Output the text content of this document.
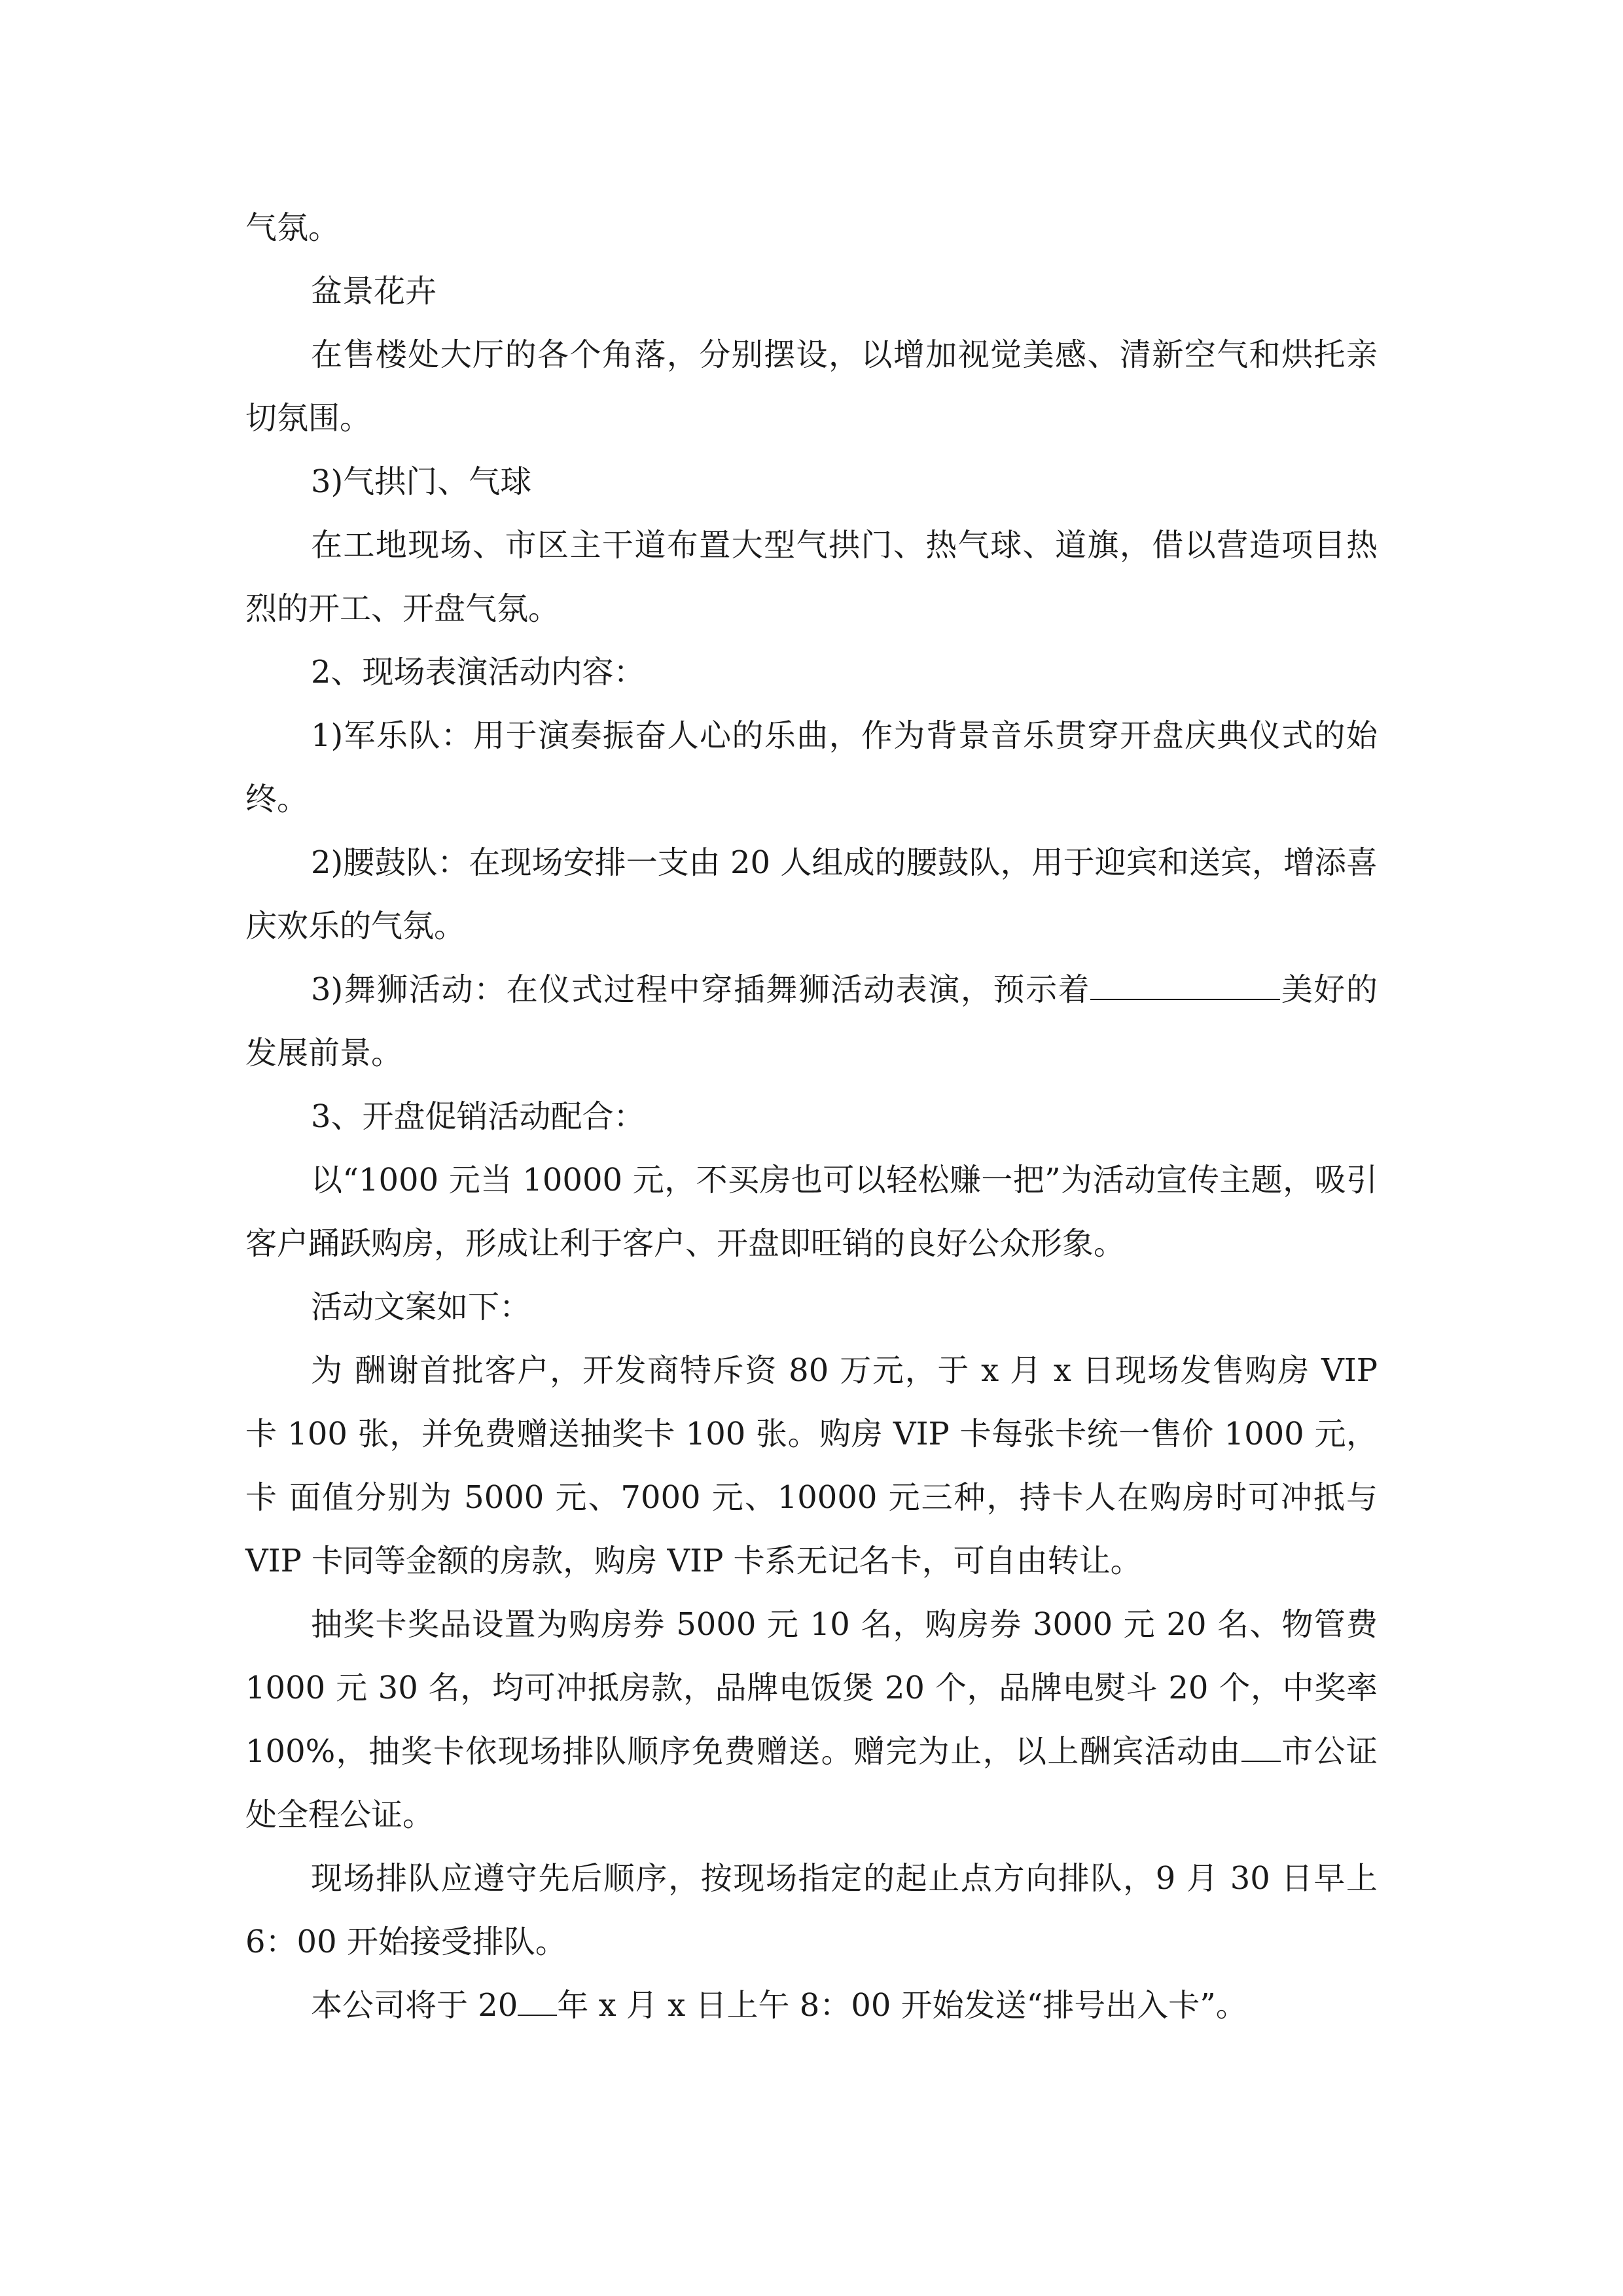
气氛。

盆景花卉

在售楼处大厅的各个角落，分别摆设，以增加视觉美感、清新空气和烘托亲切氛围。

3)气拱门、气球

在工地现场、市区主干道布置大型气拱门、热气球、道旗，借以营造项目热烈的开工、开盘气氛。

2、现场表演活动内容：

1)军乐队：用于演奏振奋人心的乐曲，作为背景音乐贯穿开盘庆典仪式的始终。

2)腰鼓队：在现场安排一支由 20 人组成的腰鼓队，用于迎宾和送宾，增添喜庆欢乐的气氛。

3)舞狮活动：在仪式过程中穿插舞狮活动表演，预示着	美好的发展前景。

3、开盘促销活动配合：

以“1000 元当 10000 元，不买房也可以轻松赚一把”为活动宣传主题，吸引客户踊跃购房，形成让利于客户、开盘即旺销的良好公众形象。

活动文案如下：

为 酬谢首批客户，开发商特斥资 80 万元，于 x 月 x 日现场发售购房 VIP 卡 100 张，并免费赠送抽奖卡 100 张。购房 VIP 卡每张卡统一售价 1000 元，卡 面值分别为 5000 元、7000 元、10000 元三种，持卡人在购房时可冲抵与 VIP 卡同等金额的房款，购房 VIP 卡系无记名卡，可自由转让。

抽奖卡奖品设置为购房券 5000 元 10 名，购房券 3000 元 20 名、物管费 1000 元 30 名，均可冲抵房款，品牌电饭煲 20 个，品牌电熨斗 20 个，中奖率 100%，抽奖卡依现场排队顺序免费赠送。赠完为止，以上酬宾活动由 市公证处全程公证。

现场排队应遵守先后顺序，按现场指定的起止点方向排队，9 月 30 日早上 6：00 开始接受排队。

本公司将于 20 年 x 月 x 日上午 8：00 开始发送“排号出入卡”。
